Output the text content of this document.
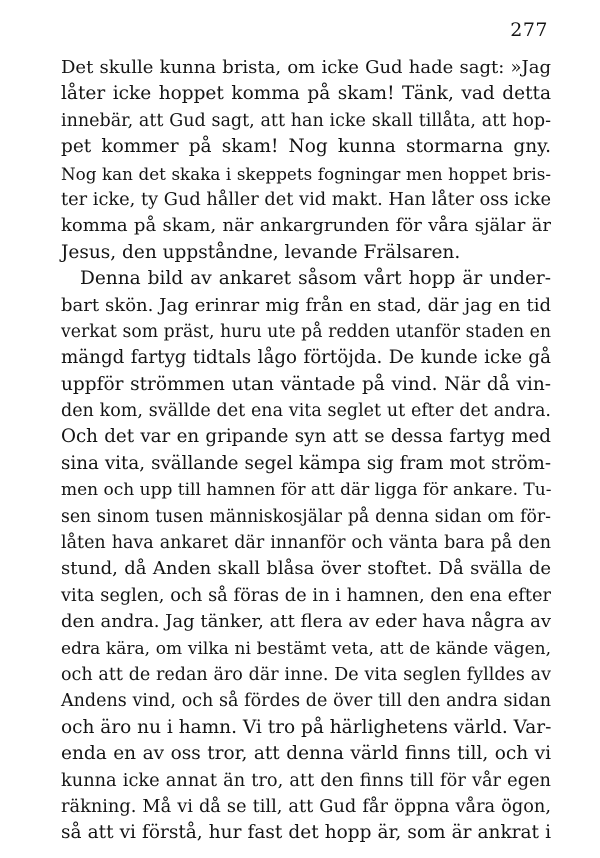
277
Det skulle kunna brista, om icke Gud hade sagt: »Jag
låter icke hoppet komma på skam! Tänk, vad detta
innebär, att Gud sagt, att han icke skall tillåta, att hop-
pet kommer på skam! Nog kunna stormarna gny.
Nog kan det skaka i skeppets fogningar men hoppet bris-
ter icke, ty Gud håller det vid makt. Han låter oss icke
komma på skam, när ankargrunden för våra själar är
Jesus, den uppståndne, levande Frälsaren.
Denna bild av ankaret såsom vårt hopp är under-
bart skön. Jag erinrar mig från en stad, där jag en tid
verkat som präst, huru ute på redden utanför staden en
mängd fartyg tidtals lågo förtöjda. De kunde icke gå
uppför strömmen utan väntade på vind. När då vin-
den kom, svällde det ena vita seglet ut efter det andra.
Och det var en gripande syn att se dessa fartyg med
sina vita, svällande segel kämpa sig fram mot ström-
men och upp till hamnen för att där ligga för ankare. Tu-
sen sinom tusen människosjälar på denna sidan om för-
låten hava ankaret där innanför och vänta bara på den
stund, då Anden skall blåsa över stoftet. Då svälla de
vita seglen, och så föras de in i hamnen, den ena efter
den andra. Jag tänker, att flera av eder hava några av
edra kära, om vilka ni bestämt veta, att de kände vägen,
och att de redan äro där inne. De vita seglen fylldes av
Andens vind, och så fördes de över till den andra sidan
och äro nu i hamn. Vi tro på härlighetens värld. Var-
enda en av oss tror, att denna värld finns till, och vi
kunna icke annat än tro, att den finns till för vår egen
räkning. Må vi då se till, att Gud får öppna våra ögon,
så att vi förstå, hur fast det hopp är, som är ankrat i
